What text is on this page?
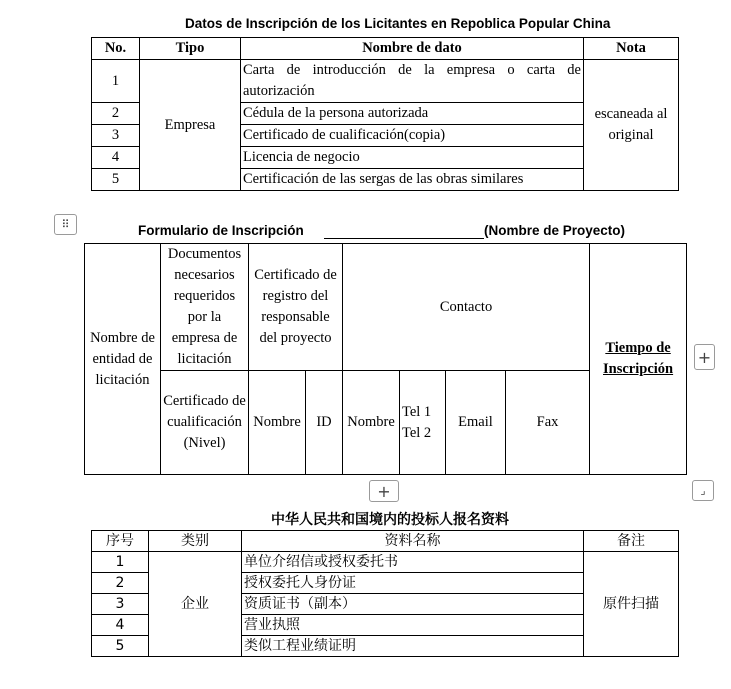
Datos de Inscripción de los Licitantes en Repoblica Popular China
No.	Tipo	Nombre de dato	Nota
1	Empresa	Carta de introducción de la empresa o carta de autorización	escaneada al original
2		Cédula de la persona autorizada	
3		Certificado de cualificación(copia)	
4		Licencia de negocio	
5		Certificación de las sergas de las obras similares	
⠿	Formulario de Inscripción	(Nombre de Proyecto)
Nombre de entidad de licitación	Documentos necesarios requeridos por la empresa de licitación	Certificado de registro del responsable del proyecto		Contacto				Tiempo de Inscripción
	Certificado de cualificación (Nivel)	Nombre	ID	Nombre	Tel 1 Tel 2	Email	Fax	
+
+	⌟
中华人民共和国境内的投标人报名资料
序号	类别	资料名称	备注
1	企业	单位介绍信或授权委托书	原件扫描
2		授权委托人身份证	
3		资质证书（副本）	
4		营业执照	
5		类似工程业绩证明	
